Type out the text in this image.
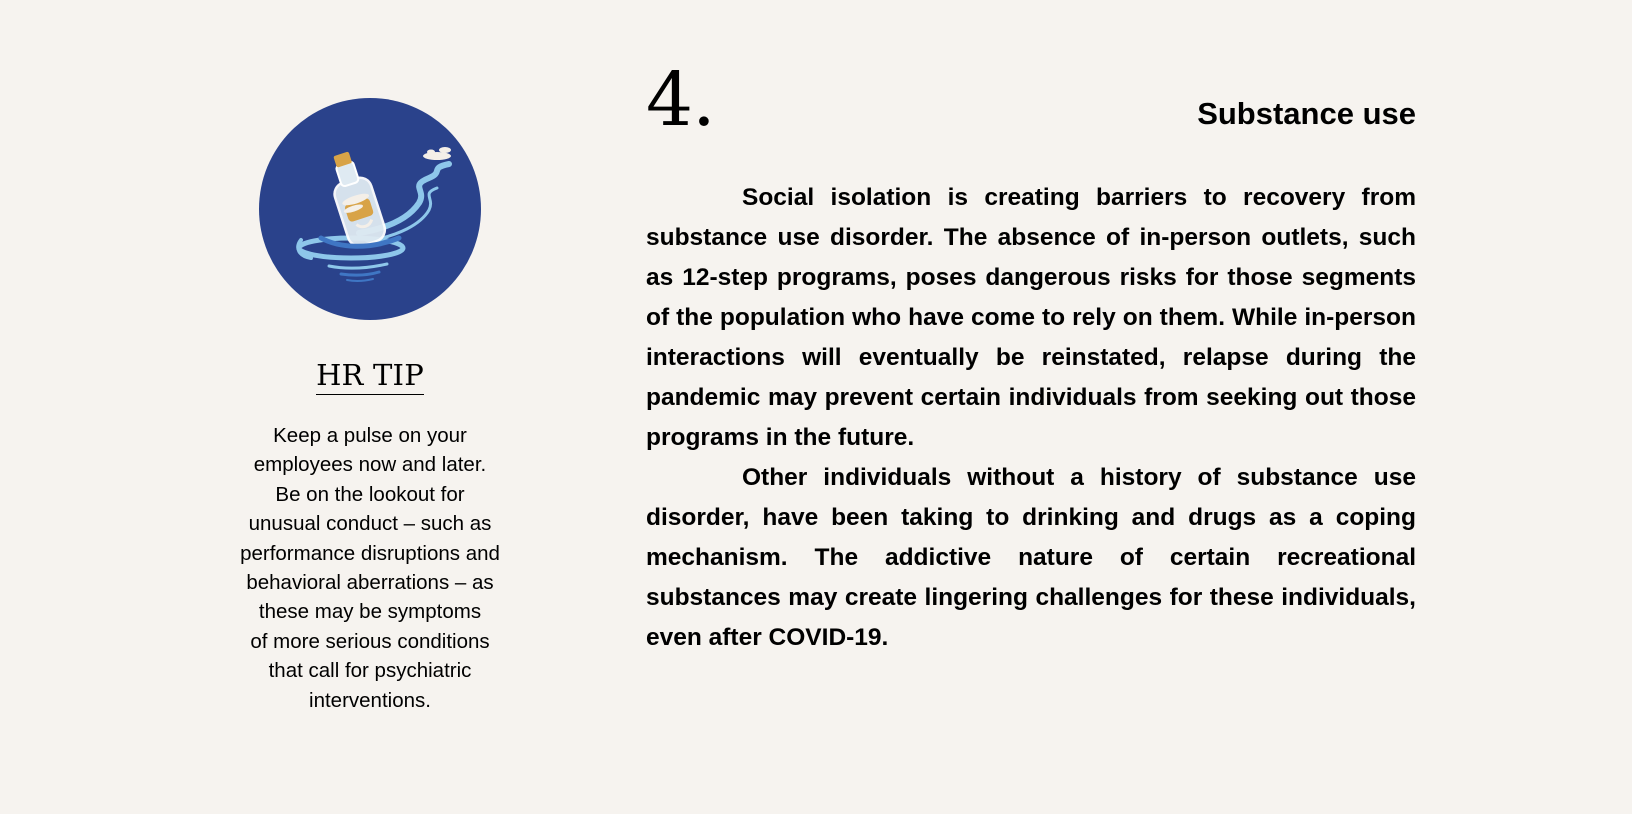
HR TIP
Keep a pulse on your
employees now and later.
Be on the lookout for
unusual conduct – such as
performance disruptions and
behavioral aberrations – as
these may be symptoms
of more serious conditions
that call for psychiatric
interventions.
4.	Substance use

Social isolation is creating barriers to recovery from substance use disorder. The absence of in-person outlets, such as 12-step programs, poses dangerous risks for those segments of the population who have come to rely on them. While in-person interactions will eventually be reinstated, relapse during the pandemic may prevent certain individuals from seeking out those programs in the future.

Other individuals without a history of substance use disorder, have been taking to drinking and drugs as a coping mechanism. The addictive nature of certain recreational substances may create lingering challenges for these individuals, even after COVID-19.
